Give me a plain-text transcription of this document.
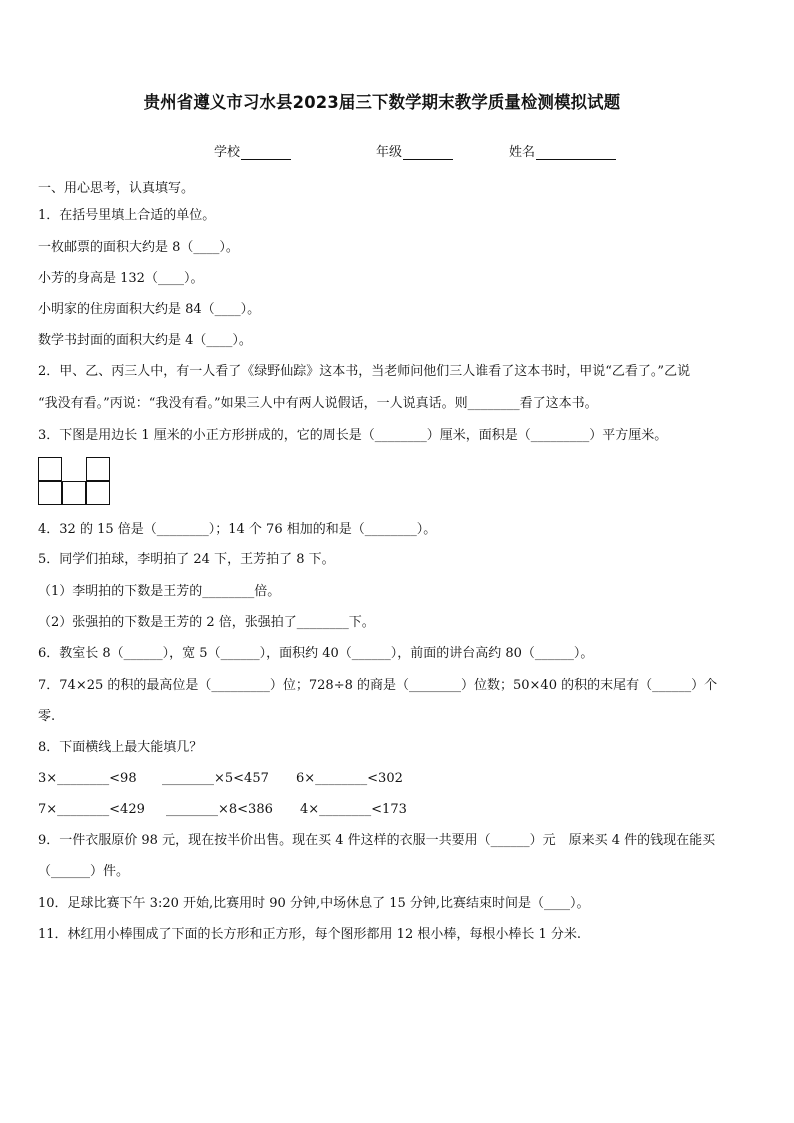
贵州省遵义市习水县2023届三下数学期末教学质量检测模拟试题
学校	年级	姓名
一、用心思考，认真填写。
1．在括号里填上合适的单位。
一枚邮票的面积大约是 8（____）。
小芳的身高是 132（____）。
小明家的住房面积大约是 84（____）。
数学书封面的面积大约是 4（____）。
2．甲、乙、丙三人中，有一人看了《绿野仙踪》这本书，当老师问他们三人谁看了这本书时，甲说“乙看了。”乙说
“我没有看。”丙说：“我没有看。”如果三人中有两人说假话，一人说真话。则________看了这本书。
3．下图是用边长 1 厘米的小正方形拼成的，它的周长是（________）厘米，面积是（_________）平方厘米。
4．32 的 15 倍是（________）；14 个 76 相加的和是（________）。
5．同学们拍球，李明拍了 24 下，王芳拍了 8 下。
（1）李明拍的下数是王芳的________倍。
（2）张强拍的下数是王芳的 2 倍，张强拍了________下。
6．教室长 8（______），宽 5（______），面积约 40（______），前面的讲台高约 80（______）。
7．74×25 的积的最高位是（_________）位；728÷8 的商是（________）位数；50×40 的积的末尾有（______）个
零.
8．下面横线上最大能填几？
3×________<98 ________×5<457 6×________<302
7×________<429 ________×8<386 4×________<173
9．一件衣服原价 98 元，现在按半价出售。现在买 4 件这样的衣服一共要用（______）元　原来买 4 件的钱现在能买
（______）件。
10．足球比赛下午 3:20 开始,比赛用时 90 分钟,中场休息了 15 分钟,比赛结束时间是（____）。
11．林红用小棒围成了下面的长方形和正方形，每个图形都用 12 根小棒，每根小棒长 1 分米.
